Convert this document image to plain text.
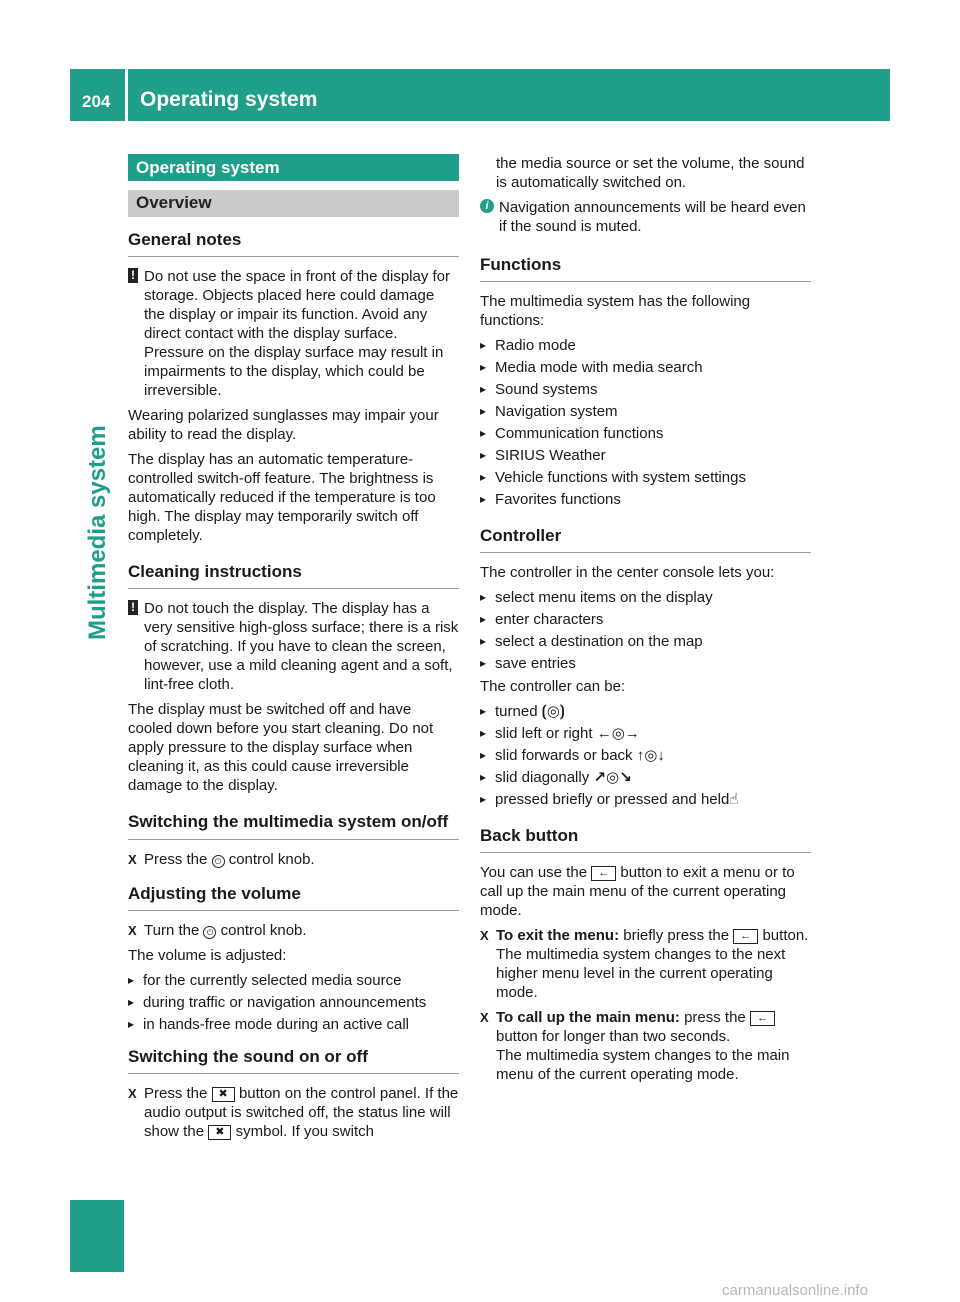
204 Operating system
Multimedia system
Operating system
Overview
General notes
! Do not use the space in front of the display for storage. Objects placed here could damage the display or impair its function. Avoid any direct contact with the display surface. Pressure on the display surface may result in impairments to the display, which could be irreversible.

Wearing polarized sunglasses may impair your ability to read the display.

The display has an automatic temperature-controlled switch-off feature. The brightness is automatically reduced if the temperature is too high. The display may temporarily switch off completely.

Cleaning instructions
! Do not touch the display. The display has a very sensitive high-gloss surface; there is a risk of scratching. If you have to clean the screen, however, use a mild cleaning agent and a soft, lint-free cloth.

The display must be switched off and have cooled down before you start cleaning. Do not apply pressure to the display surface when cleaning it, as this could cause irreversible damage to the display.

Switching the multimedia system on/off
X Press the ⏻ control knob.
Adjusting the volume
X Turn the ⏻ control knob.

The volume is adjusted:

▸ for the currently selected media source
▸ during traffic or navigation announcements
▸ in hands-free mode during an active call
Switching the sound on or off
X Press the ✖ button on the control panel. If the audio output is switched off, the status line will show the ✖ symbol. If you switch

the media source or set the volume, the sound is automatically switched on.

i Navigation announcements will be heard even if the sound is muted.
Functions

The multimedia system has the following functions:

▸ Radio mode
▸ Media mode with media search
▸ Sound systems
▸ Navigation system
▸ Communication functions
▸ SIRIUS Weather
▸ Vehicle functions with system settings
▸ Favorites functions
Controller

The controller in the center console lets you:

▸ select menu items on the display
▸ enter characters
▸ select a destination on the map
▸ save entries

The controller can be:

▸ turned ⟮◎⟯
▸ slid left or right ←◎→
▸ slid forwards or back ↑◎↓
▸ slid diagonally ↗◎↘
▸ pressed briefly or pressed and held☝
Back button

You can use the ← button to exit a menu or to call up the main menu of the current operating mode.

X To exit the menu: briefly press the ← button.
The multimedia system changes to the next higher menu level in the current operating mode.
X To call up the main menu: press the ← button for longer than two seconds.
The multimedia system changes to the main menu of the current operating mode.
carmanualsonline.info
